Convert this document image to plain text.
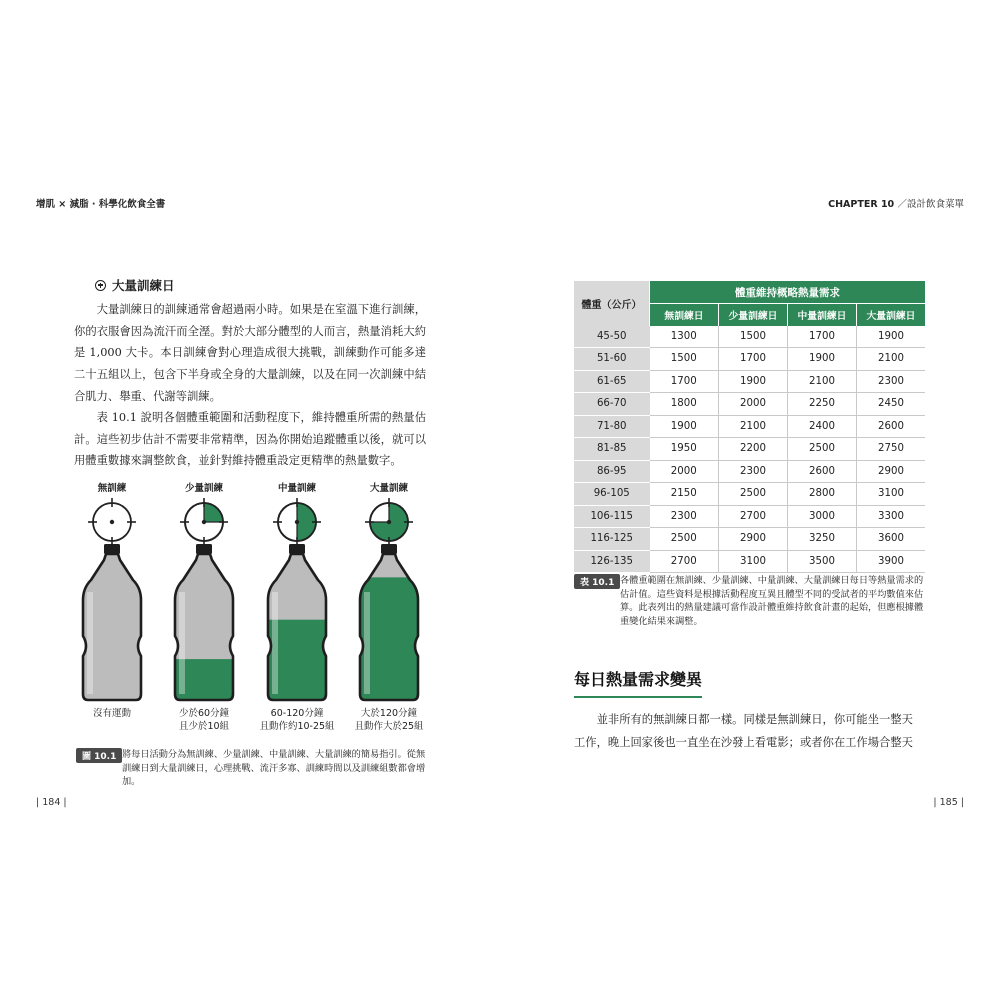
增肌 × 減脂 · 科學化飲食全書	CHAPTER 10 ／設計飲食菜單
大量訓練日

大量訓練日的訓練通常會超過兩小時。如果是在室溫下進行訓練，你的衣服會因為流汗而全溼。對於大部分體型的人而言，熱量消耗大約是 1,000 大卡。本日訓練會對心理造成很大挑戰，訓練動作可能多達二十五組以上，包含下半身或全身的大量訓練，以及在同一次訓練中結合肌力、舉重、代謝等訓練。

表 10.1 說明各個體重範圍和活動程度下，維持體重所需的熱量估計。這些初步估計不需要非常精準，因為你開始追蹤體重以後，就可以用體重數據來調整飲食，並針對維持體重設定更精準的熱量數字。

無訓練	少量訓練	中量訓練	大量訓練
沒有運動	少於60分鐘
且少於10組
60-120分鐘
且動作約10-25組
大於120分鐘
且動作大於25組
圖 10.1 將每日活動分為無訓練、少量訓練、中量訓練、大量訓練的簡易指引。從無訓練日到大量訓練日，心理挑戰、流汗多寡、訓練時間以及訓練組數都會增加。
| 184 |
體重（公斤）	體重維持概略熱量需求			
	無訓練日	少量訓練日	中量訓練日	大量訓練日
45-50	1300	1500	1700	1900
51-60	1500	1700	1900	2100
61-65	1700	1900	2100	2300
66-70	1800	2000	2250	2450
71-80	1900	2100	2400	2600
81-85	1950	2200	2500	2750
86-95	2000	2300	2600	2900
96-105	2150	2500	2800	3100
106-115	2300	2700	3000	3300
116-125	2500	2900	3250	3600
126-135	2700	3100	3500	3900
表 10.1 各體重範圍在無訓練、少量訓練、中量訓練、大量訓練日每日等熱量需求的估計值。這些資料是根據活動程度互異且體型不同的受試者的平均數值來估算。此表列出的熱量建議可當作設計體重維持飲食計畫的起始，但應根據體重變化結果來調整。
每日熱量需求變異
並非所有的無訓練日都一樣。同樣是無訓練日，你可能坐一整天
工作，晚上回家後也一直坐在沙發上看電影；或者你在工作場合整天
| 185 |
